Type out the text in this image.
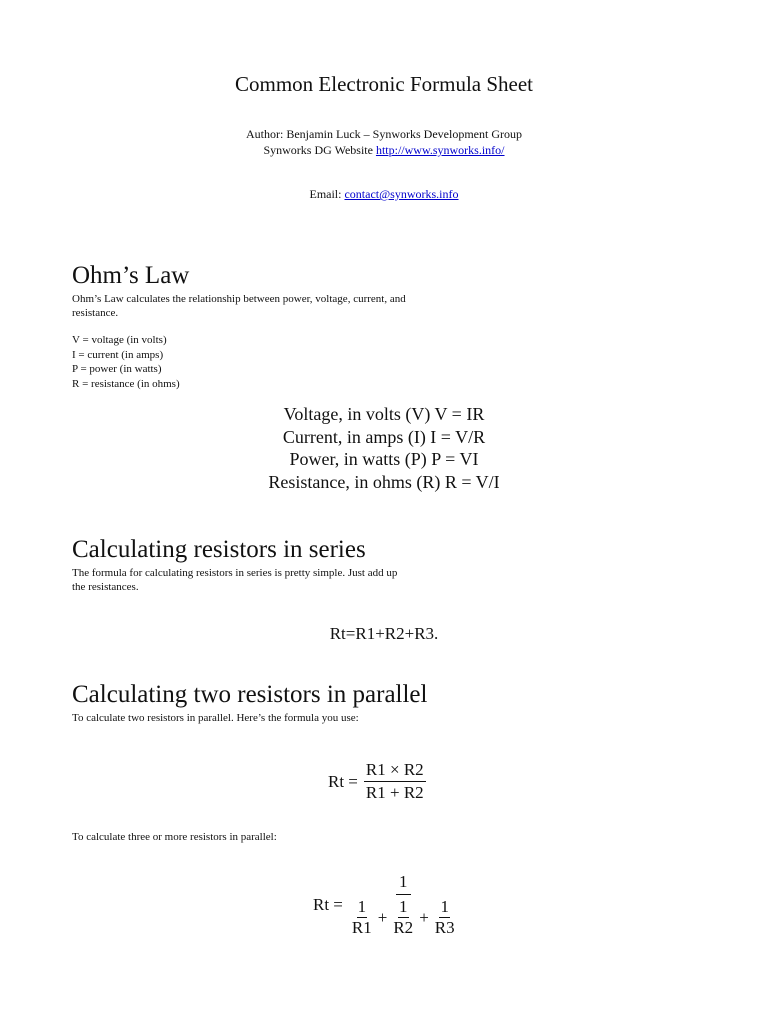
Common Electronic Formula Sheet
Author: Benjamin Luck – Synworks Development Group
Synworks DG Website http://www.synworks.info/
Email: contact@synworks.info
Ohm’s Law
Ohm’s Law calculates the relationship between power, voltage, current, and
resistance.
V = voltage (in volts)
I = current (in amps)
P = power (in watts)
R = resistance (in ohms)
Voltage, in volts (V) V = IR
Current, in amps (I) I = V/R
Power, in watts (P) P = VI
Resistance, in ohms (R) R = V/I
Calculating resistors in series
The formula for calculating resistors in series is pretty simple. Just add up
the resistances.
Rt=R1+R2+R3.
Calculating two resistors in parallel
To calculate two resistors in parallel. Here’s the formula you use:
$Rt = \frac{R1 \times R2}{R1 + R2}$
To calculate three or more resistors in parallel:
Rt =
1
$\frac{1}{R1} + \frac{1}{R2} + \frac{1}{R3}$
